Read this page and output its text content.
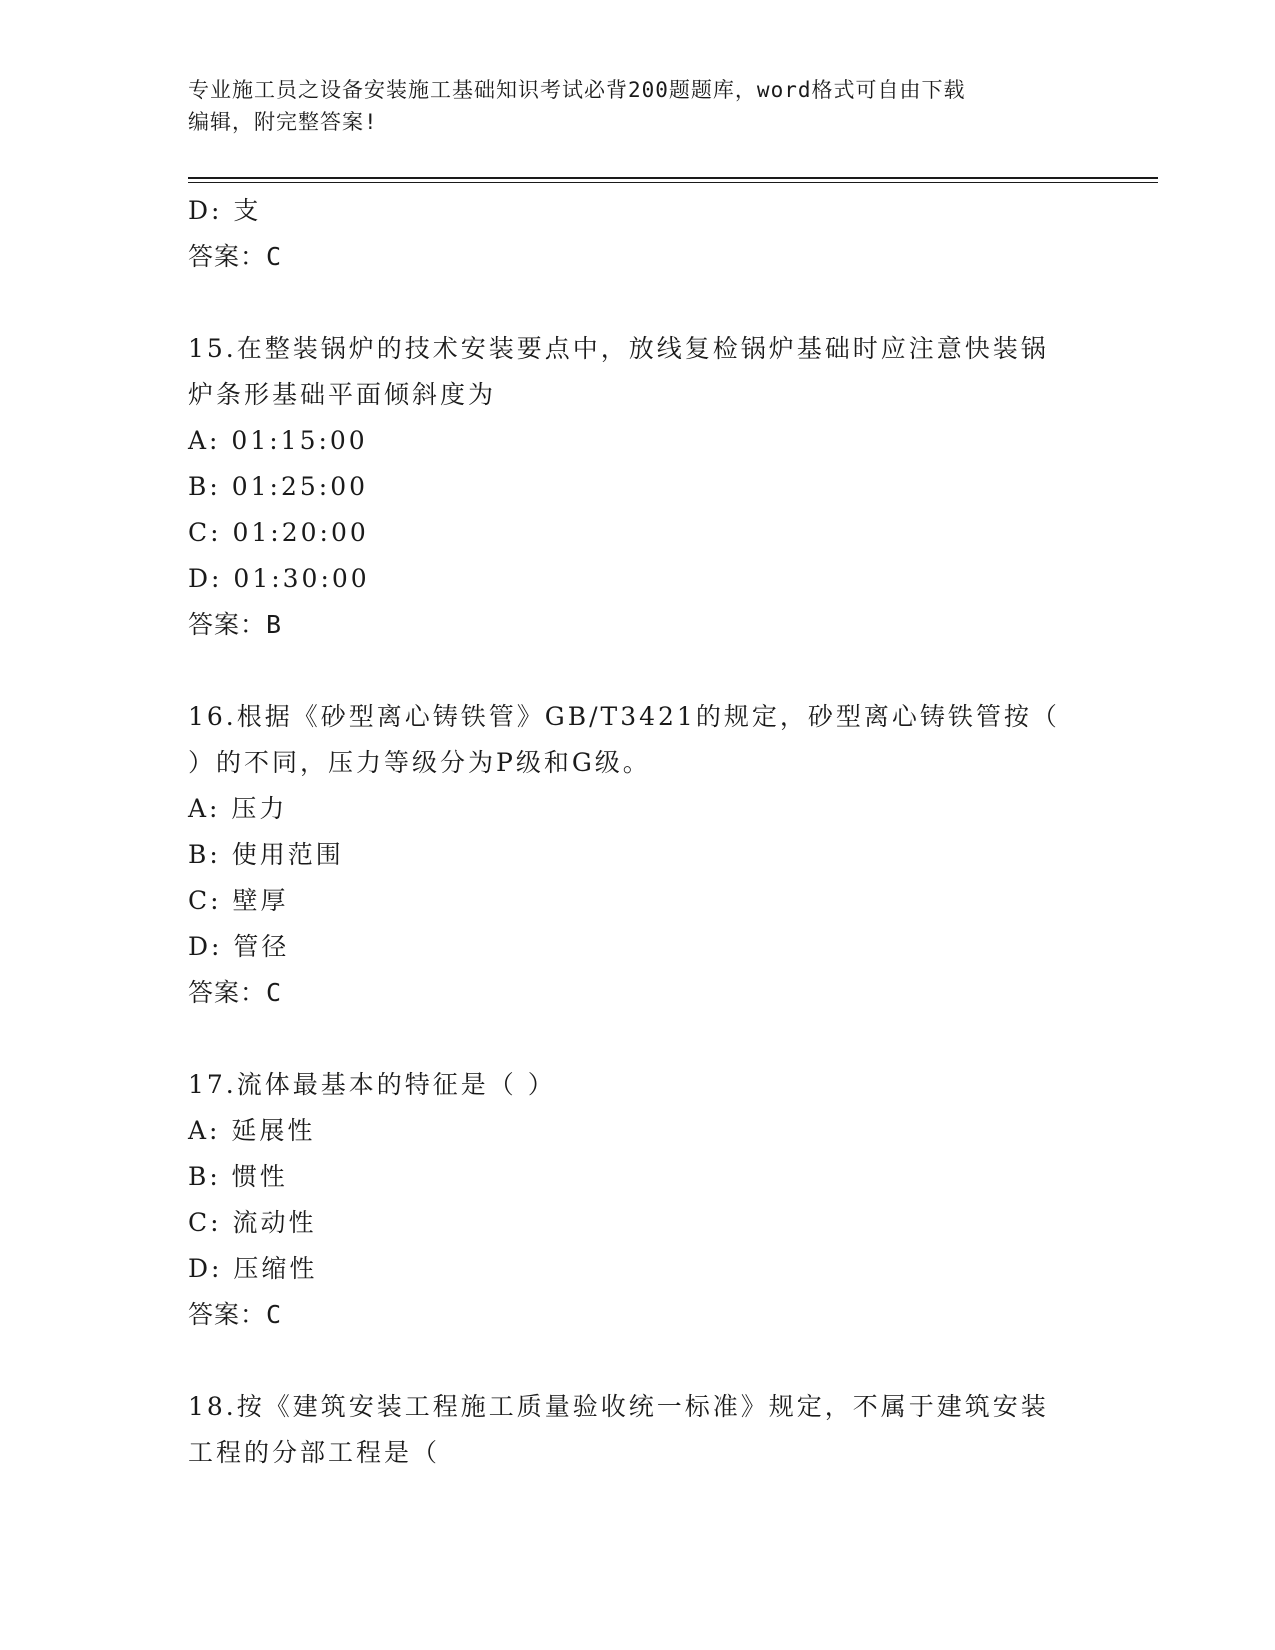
专业施工员之设备安装施工基础知识考试必背200题题库，word格式可自由下载
编辑，附完整答案!
D: 支
答案：C
15.在整装锅炉的技术安装要点中，放线复检锅炉基础时应注意快装锅
炉条形基础平面倾斜度为
A: 01:15:00
B: 01:25:00
C: 01:20:00
D: 01:30:00
答案：B
16.根据《砂型离心铸铁管》GB/T3421的规定，砂型离心铸铁管按（
）的不同，压力等级分为P级和G级。
A: 压力
B: 使用范围
C: 壁厚
D: 管径
答案：C
17.流体最基本的特征是（ ）
A: 延展性
B: 惯性
C: 流动性
D: 压缩性
答案：C
18.按《建筑安装工程施工质量验收统一标准》规定，不属于建筑安装
工程的分部工程是（
